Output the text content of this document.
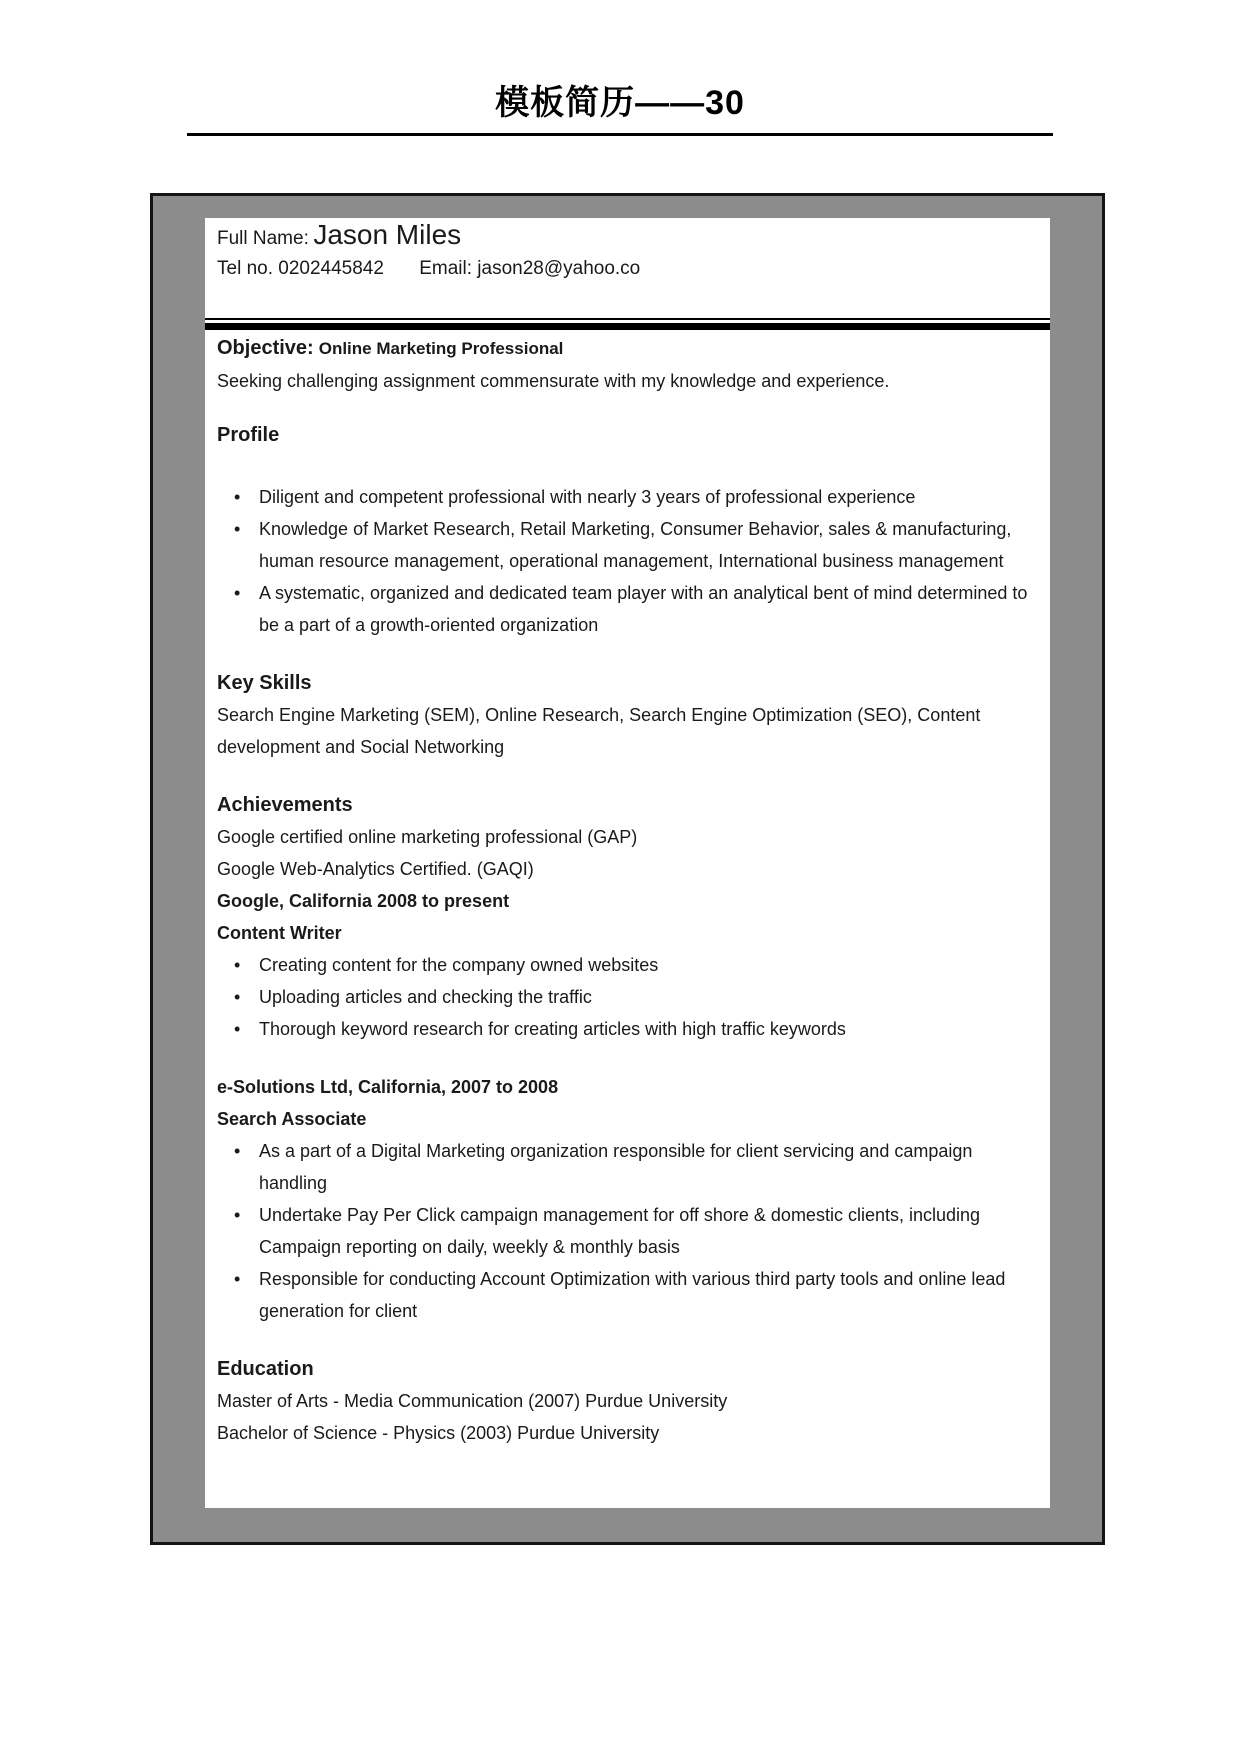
模板简历——30
Full Name: Jason Miles
Tel no. 0202445842 Email: jason28@yahoo.co

Objective: Online Marketing Professional

Seeking challenging assignment commensurate with my knowledge and experience.

Profile
• Diligent and competent professional with nearly 3 years of professional experience
• Knowledge of Market Research, Retail Marketing, Consumer Behavior, sales & manufacturing, human resource management, operational management, International business management
• A systematic, organized and dedicated team player with an analytical bent of mind determined to be a part of a growth-oriented organization
Key Skills

Search Engine Marketing (SEM), Online Research, Search Engine Optimization (SEO), Content development and Social Networking

Achievements

Google certified online marketing professional (GAP)

Google Web-Analytics Certified. (GAQI)

Google, California 2008 to present

Content Writer

• Creating content for the company owned websites
• Uploading articles and checking the traffic
• Thorough keyword research for creating articles with high traffic keywords

e-Solutions Ltd, California, 2007 to 2008

Search Associate

• As a part of a Digital Marketing organization responsible for client servicing and campaign handling
• Undertake Pay Per Click campaign management for off shore & domestic clients, including Campaign reporting on daily, weekly & monthly basis
• Responsible for conducting Account Optimization with various third party tools and online lead generation for client
Education

Master of Arts - Media Communication (2007) Purdue University

Bachelor of Science - Physics (2003) Purdue University
